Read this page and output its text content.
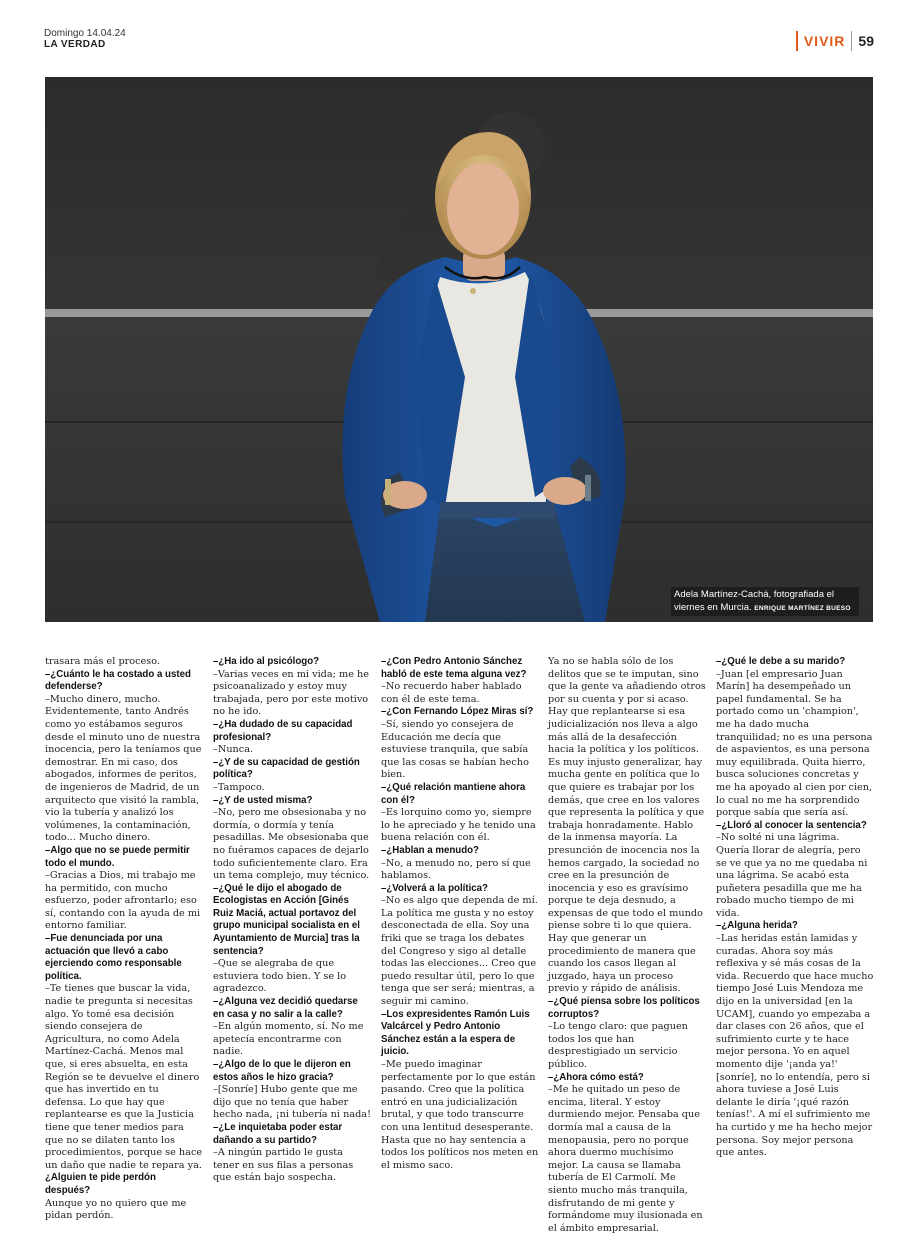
Domingo 14.04.24
LA VERDAD	VIVIR 59
Adela Martínez-Cachá, fotografiada el viernes en Murcia. ENRIQUE MARTÍNEZ BUESO

trasara más el proceso.

–¿Cuánto le ha costado a usted defenderse?

–Mucho dinero, mucho. Evidentemente, tanto Andrés como yo estábamos seguros desde el minuto uno de nuestra inocencia, pero la teníamos que demostrar. En mi caso, dos abogados, informes de peritos, de ingenieros de Madrid, de un arquitecto que visitó la rambla, vio la tubería y analizó los volúmenes, la contaminación, todo... Mucho dinero.

–Algo que no se puede permitir todo el mundo.

–Gracias a Dios, mi trabajo me ha permitido, con mucho esfuerzo, poder afrontarlo; eso sí, contando con la ayuda de mi entorno familiar.

–Fue denunciada por una actuación que llevó a cabo ejerciendo como responsable política.

–Te tienes que buscar la vida, nadie te pregunta si necesitas algo. Yo tomé esa decisión siendo consejera de Agricultura, no como Adela Martínez-Cachá. Menos mal que, si eres absuelta, en esta Región se te devuelve el dinero que has invertido en tu defensa. Lo que hay que replantearse es que la Justicia tiene que tener medios para que no se dilaten tanto los procedimientos, porque se hace un daño que nadie te repara ya.

¿Alguien te pide perdón después?

Aunque yo no quiero que me pidan perdón.

–¿Ha ido al psicólogo?

–Varias veces en mi vida; me he psicoanalizado y estoy muy trabajada, pero por este motivo no he ido.

–¿Ha dudado de su capacidad profesional?

–Nunca.

–¿Y de su capacidad de gestión política?

–Tampoco.

–¿Y de usted misma?

–No, pero me obsesionaba y no dormía, o dormía y tenía pesadillas. Me obsesionaba que no fuéramos capaces de dejarlo todo suficientemente claro. Era un tema complejo, muy técnico.

–¿Qué le dijo el abogado de Ecologistas en Acción [Ginés Ruiz Maciá, actual portavoz del grupo municipal socialista en el Ayuntamiento de Murcia] tras la sentencia?

–Que se alegraba de que estuviera todo bien. Y se lo agradezco.

–¿Alguna vez decidió quedarse en casa y no salir a la calle?

–En algún momento, sí. No me apetecía encontrarme con nadie.

–¿Algo de lo que le dijeron en estos años le hizo gracia?

–[Sonríe] Hubo gente que me dijo que no tenía que haber hecho nada, ¡ni tubería ni nada!

–¿Le inquietaba poder estar dañando a su partido?

–A ningún partido le gusta tener en sus filas a personas que están bajo sospecha.

–¿Con Pedro Antonio Sánchez habló de este tema alguna vez?

–No recuerdo haber hablado con él de este tema.

–¿Con Fernando López Miras sí?

–Sí, siendo yo consejera de Educación me decía que estuviese tranquila, que sabía que las cosas se habían hecho bien.

–¿Qué relación mantiene ahora con él?

–Es lorquino como yo, siempre lo he apreciado y he tenido una buena relación con él.

–¿Hablan a menudo?

–No, a menudo no, pero sí que hablamos.

–¿Volverá a la política?

–No es algo que dependa de mí. La política me gusta y no estoy desconectada de ella. Soy una friki que se traga los debates del Congreso y sigo al detalle todas las elecciones... Creo que puedo resultar útil, pero lo que tenga que ser será; mientras, a seguir mi camino.

–Los expresidentes Ramón Luis Valcárcel y Pedro Antonio Sánchez están a la espera de juicio.

–Me puedo imaginar perfectamente por lo que están pasando. Creo que la política entró en una judicialización brutal, y que todo transcurre con una lentitud desesperante. Hasta que no hay sentencia a todos los políticos nos meten en el mismo saco.

Ya no se habla sólo de los delitos que se te imputan, sino que la gente va añadiendo otros por su cuenta y por si acaso. Hay que replantearse si esa judicialización nos lleva a algo más allá de la desafección hacia la política y los políticos. Es muy injusto generalizar, hay mucha gente en política que lo que quiere es trabajar por los demás, que cree en los valores que representa la política y que trabaja honradamente. Hablo de la inmensa mayoría. La presunción de inocencia nos la hemos cargado, la sociedad no cree en la presunción de inocencia y eso es gravísimo porque te deja desnudo, a expensas de que todo el mundo piense sobre ti lo que quiera. Hay que generar un procedimiento de manera que cuando los casos llegan al juzgado, haya un proceso previo y rápido de análisis.

–¿Qué piensa sobre los políticos corruptos?

–Lo tengo claro: que paguen todos los que han desprestigiado un servicio público.

–¿Ahora cómo está?

–Me he quitado un peso de encima, literal. Y estoy durmiendo mejor. Pensaba que dormía mal a causa de la menopausia, pero no porque ahora duermo muchísimo mejor. La causa se llamaba tubería de El Carmolí. Me siento mucho más tranquila, disfrutando de mi gente y formándome muy ilusionada en el ámbito empresarial.

–¿Qué le debe a su marido?

–Juan [el empresario Juan Marín] ha desempeñado un papel fundamental. Se ha portado como un 'champion', me ha dado mucha tranquilidad; no es una persona de aspavientos, es una persona muy equilibrada. Quita hierro, busca soluciones concretas y me ha apoyado al cien por cien, lo cual no me ha sorprendido porque sabía que sería así.

–¿Lloró al conocer la sentencia?

–No solté ni una lágrima. Quería llorar de alegría, pero se ve que ya no me quedaba ni una lágrima. Se acabó esta puñetera pesadilla que me ha robado mucho tiempo de mi vida.

–¿Alguna herida?

–Las heridas están lamidas y curadas. Ahora soy más reflexiva y sé más cosas de la vida. Recuerdo que hace mucho tiempo José Luis Mendoza me dijo en la universidad [en la UCAM], cuando yo empezaba a dar clases con 26 años, que el sufrimiento curte y te hace mejor persona. Yo en aquel momento dije '¡anda ya!' [sonríe], no lo entendía, pero si ahora tuviese a José Luis delante le diría '¡qué razón tenías!'. A mí el sufrimiento me ha curtido y me ha hecho mejor persona. Soy mejor persona que antes.
